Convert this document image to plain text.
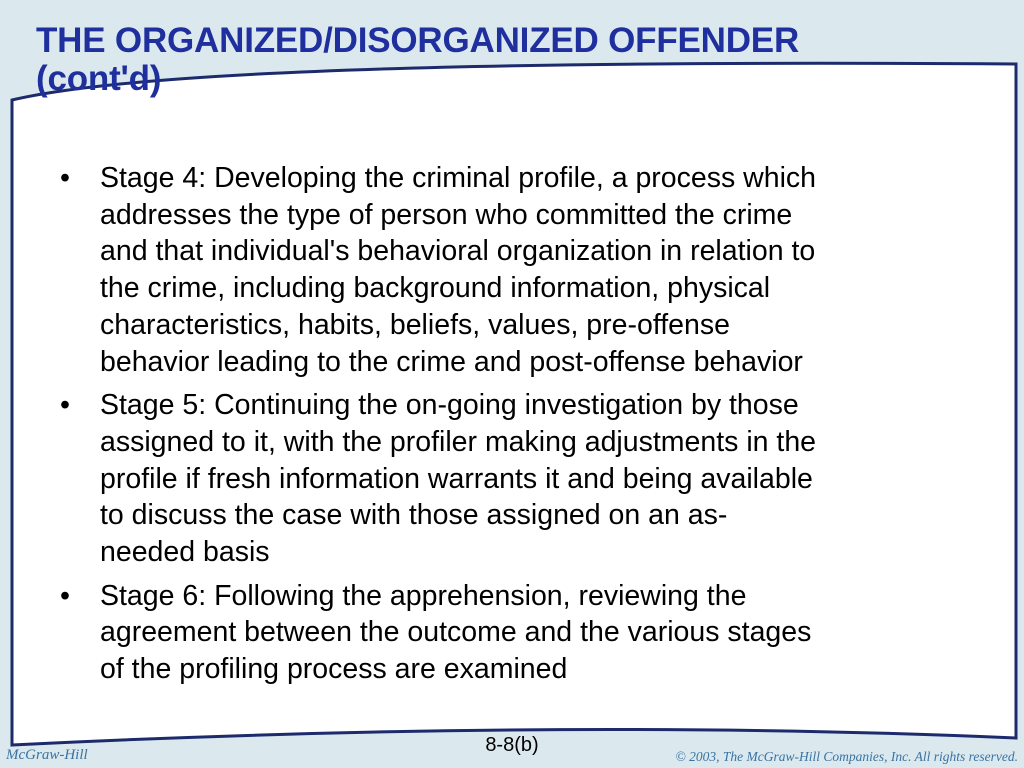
THE ORGANIZED/DISORGANIZED OFFENDER
(cont'd)
• Stage 4: Developing the criminal profile, a process which
addresses the type of person who committed the crime
and that individual's behavioral organization in relation to
the crime, including background information, physical
characteristics, habits, beliefs, values, pre-offense
behavior leading to the crime and post-offense behavior
• Stage 5: Continuing the on-going investigation by those
assigned to it, with the profiler making adjustments in the
profile if fresh information warrants it and being available
to discuss the case with those assigned on an as-
needed basis
• Stage 6: Following the apprehension, reviewing the
agreement between the outcome and the various stages
of the profiling process are examined
8-8(b)
McGraw-Hill	© 2003, The McGraw-Hill Companies, Inc. All rights reserved.
